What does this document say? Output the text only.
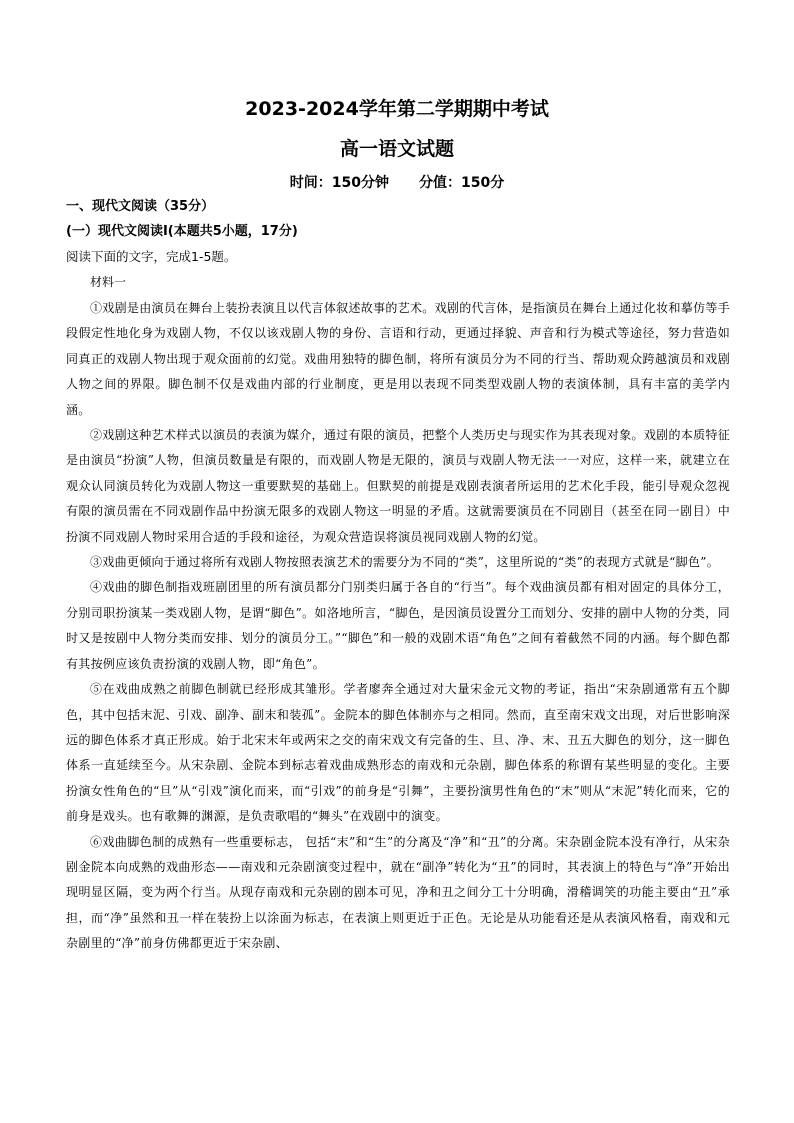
2023-2024学年第二学期期中考试
高一语文试题
时间：150分钟 分值：150分
一、现代文阅读（35分）
(一）现代文阅读Ⅰ(本题共5小题，17分)
阅读下面的文字，完成1-5题。
材料一

①戏剧是由演员在舞台上装扮表演且以代言体叙述故事的艺术。戏剧的代言体，是指演员在舞台上通过化妆和摹仿等手段假定性地化身为戏剧人物，不仅以该戏剧人物的身份、言语和行动，更通过择貌、声音和行为模式等途径，努力营造如同真正的戏剧人物出现于观众面前的幻觉。戏曲用独特的脚色制，将所有演员分为不同的行当、帮助观众跨越演员和戏剧人物之间的界限。脚色制不仅是戏曲内部的行业制度，更是用以表现不同类型戏剧人物的表演体制，具有丰富的美学内涵。

②戏剧这种艺术样式以演员的表演为媒介，通过有限的演员，把整个人类历史与现实作为其表现对象。戏剧的本质特征是由演员“扮演”人物，但演员数量是有限的，而戏剧人物是无限的，演员与戏剧人物无法一一对应，这样一来，就建立在观众认同演员转化为戏剧人物这一重要默契的基础上。但默契的前提是戏剧表演者所运用的艺术化手段，能引导观众忽视有限的演员需在不同戏剧作品中扮演无限多的戏剧人物这一明显的矛盾。这就需要演员在不同剧目（甚至在同一剧目）中扮演不同戏剧人物时采用合适的手段和途径，为观众营造误将演员视同戏剧人物的幻觉。

③戏曲更倾向于通过将所有戏剧人物按照表演艺术的需要分为不同的“类”，这里所说的“类”的表现方式就是“脚色”。

④戏曲的脚色制指戏班剧团里的所有演员都分门别类归属于各自的“行当”。每个戏曲演员都有相对固定的具体分工，分别司职扮演某一类戏剧人物，是谓“脚色”。如洛地所言，“脚色，是因演员设置分工而划分、安排的剧中人物的分类，同时又是按剧中人物分类而安排、划分的演员分工。”“脚色”和一般的戏剧术语“角色”之间有着截然不同的内涵。每个脚色都有其按例应该负责扮演的戏剧人物，即“角色”。

⑤在戏曲成熟之前脚色制就已经形成其雏形。学者廖奔全通过对大量宋金元文物的考证，指出“宋杂剧通常有五个脚色，其中包括末泥、引戏、副净、副末和装孤”。金院本的脚色体制亦与之相同。然而，直至南宋戏文出现，对后世影响深远的脚色体系才真正形成。始于北宋末年或两宋之交的南宋戏文有完备的生、旦、净、末、丑五大脚色的划分，这一脚色体系一直延续至今。从宋杂剧、金院本到标志着戏曲成熟形态的南戏和元杂剧，脚色体系的称谓有某些明显的变化。主要扮演女性角色的“旦”从“引戏”演化而来，而“引戏”的前身是“引舞”，主要扮演男性角色的“末”则从“末泥”转化而来，它的前身是戏头。也有歌舞的渊源，是负责歌唱的“舞头”在戏剧中的演变。

⑥戏曲脚色制的成熟有一些重要标志， 包括“末”和“生”的分离及“净”和“丑”的分离。宋杂剧金院本没有净行，从宋杂剧金院本向成熟的戏曲形态——南戏和元杂剧演变过程中，就在“副净”转化为“丑”的同时，其表演上的特色与“净”开始出现明显区隔，变为两个行当。从现存南戏和元杂剧的剧本可见，净和丑之间分工十分明确，滑稽调笑的功能主要由“丑”承担，而“净”虽然和丑一样在装扮上以涂面为标志，在表演上则更近于正色。无论是从功能看还是从表演风格看，南戏和元杂剧里的“净”前身仿佛都更近于宋杂剧、
